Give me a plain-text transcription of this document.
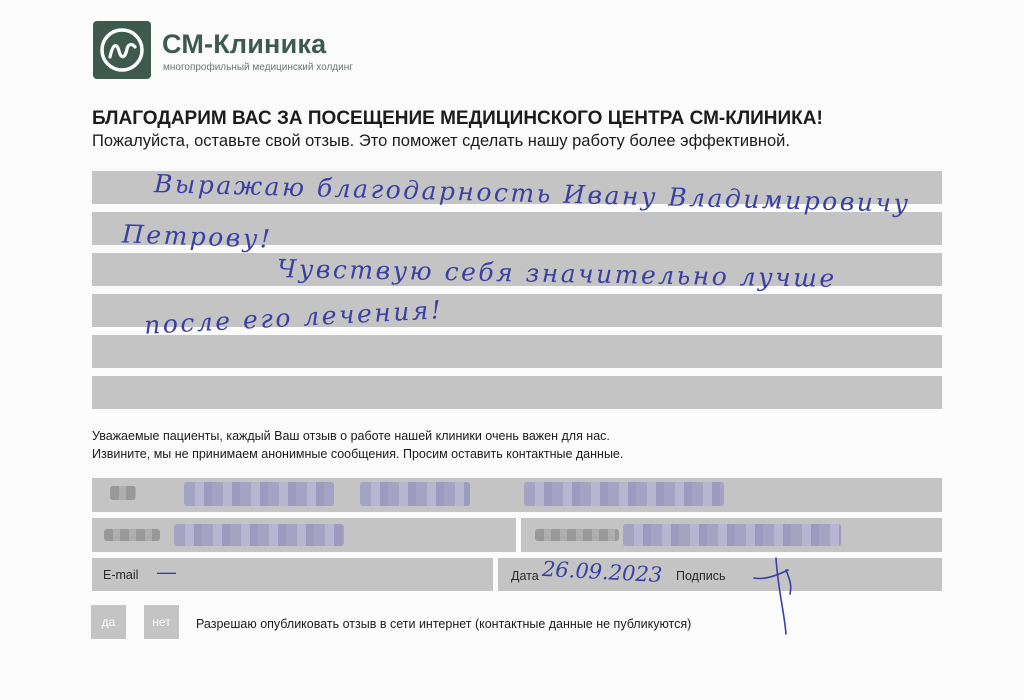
СМ-Клиника
многопрофильный медицинский холдинг
БЛАГОДАРИМ ВАС ЗА ПОСЕЩЕНИЕ МЕДИЦИНСКОГО ЦЕНТРА СМ-КЛИНИКА!
Пожалуйста, оставьте свой отзыв. Это поможет сделать нашу работу более эффективной.
Выражаю благодарность Ивану Владимировичу
Петрову!
Чувствую себя значительно лучше
после его лечения!
Уважаемые пациенты, каждый Ваш отзыв о работе нашей клиники очень важен для нас.
Извините, мы не принимаем анонимные сообщения. Просим оставить контактные данные.
E-mail —	Дата 26.09.2023 Подпись
да	нет	Разрешаю опубликовать отзыв в сети интернет (контактные данные не публикуются)
